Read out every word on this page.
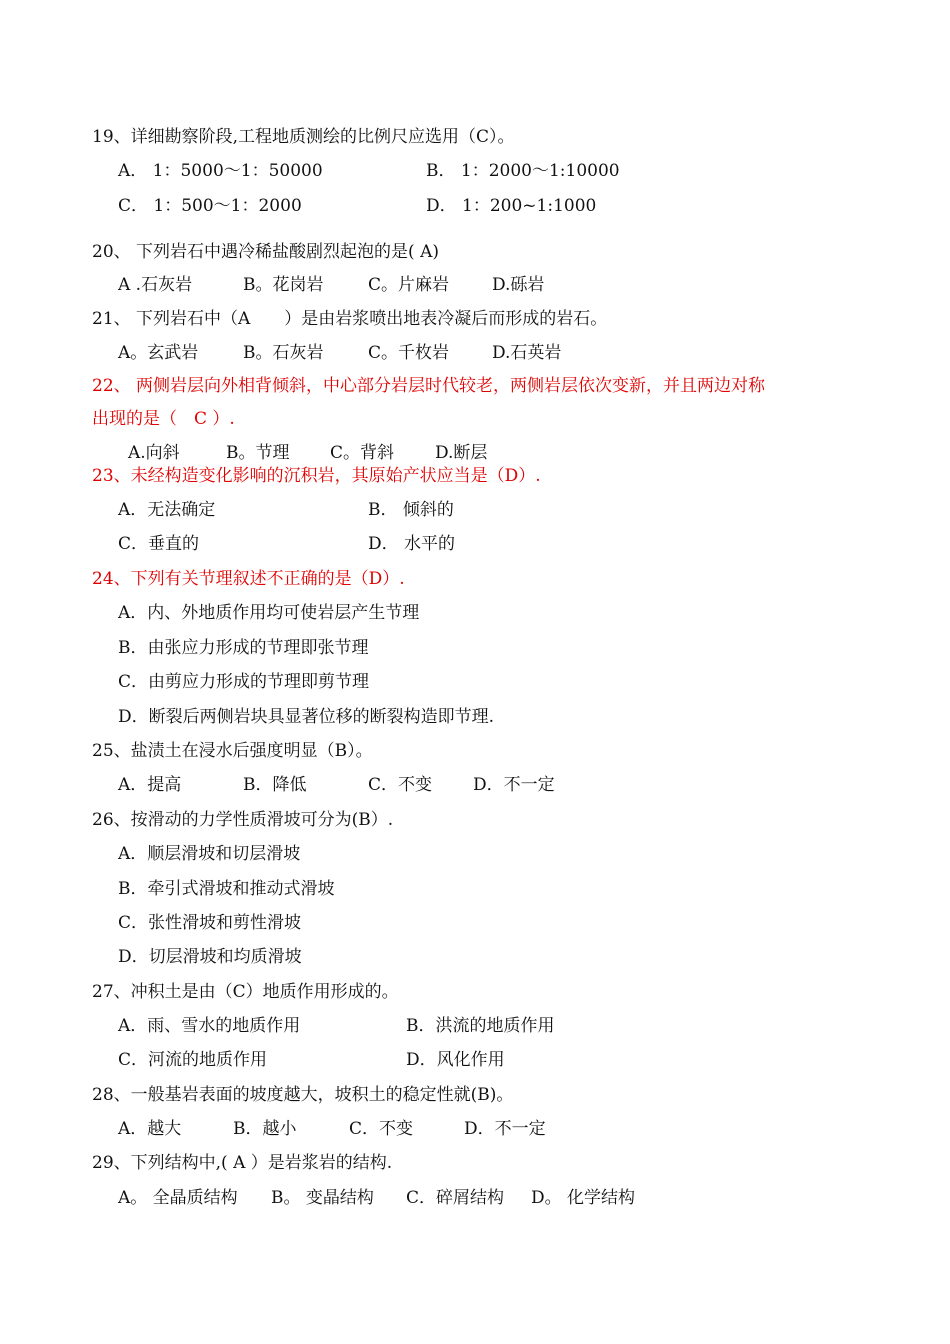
19、详细勘察阶段,工程地质测绘的比例尺应选用（C）。
A． 1：5000～1：50000	B． 1：2000～1:10000
C． 1：500～1：2000	D． 1：200~1:1000
20、 下列岩石中遇冷稀盐酸剧烈起泡的是( A)
A .石灰岩	B。花岗岩	C。片麻岩	D.砾岩
21、 下列岩石中（A　　）是由岩浆喷出地表冷凝后而形成的岩石。
A。玄武岩	B。石灰岩	C。千枚岩	D.石英岩
22、 两侧岩层向外相背倾斜，中心部分岩层时代较老，两侧岩层依次变新，并且两边对称
出现的是（　C ）.
A.向斜	B。节理 C。背斜 D.断层
23、未经构造变化影响的沉积岩，其原始产状应当是（D）.
A．无法确定	B． 倾斜的
C．垂直的	D． 水平的
24、下列有关节理叙述不正确的是（D）.
A．内、外地质作用均可使岩层产生节理
B．由张应力形成的节理即张节理
C．由剪应力形成的节理即剪节理
D．断裂后两侧岩块具显著位移的断裂构造即节理.
25、盐渍土在浸水后强度明显（B）。
A．提高	B．降低	C．不变 D．不一定
26、按滑动的力学性质滑坡可分为(B）.
A．顺层滑坡和切层滑坡
B．牵引式滑坡和推动式滑坡
C．张性滑坡和剪性滑坡
D．切层滑坡和均质滑坡
27、冲积土是由（C）地质作用形成的。
A．雨、雪水的地质作用	B．洪流的地质作用
C．河流的地质作用	D．风化作用
28、一般基岩表面的坡度越大，坡积土的稳定性就(B)。
A．越大	B．越小	C．不变	D．不一定
29、下列结构中,( A ）是岩浆岩的结构.
A。 全晶质结构 B。 变晶结构 C．碎屑结构 D。 化学结构
